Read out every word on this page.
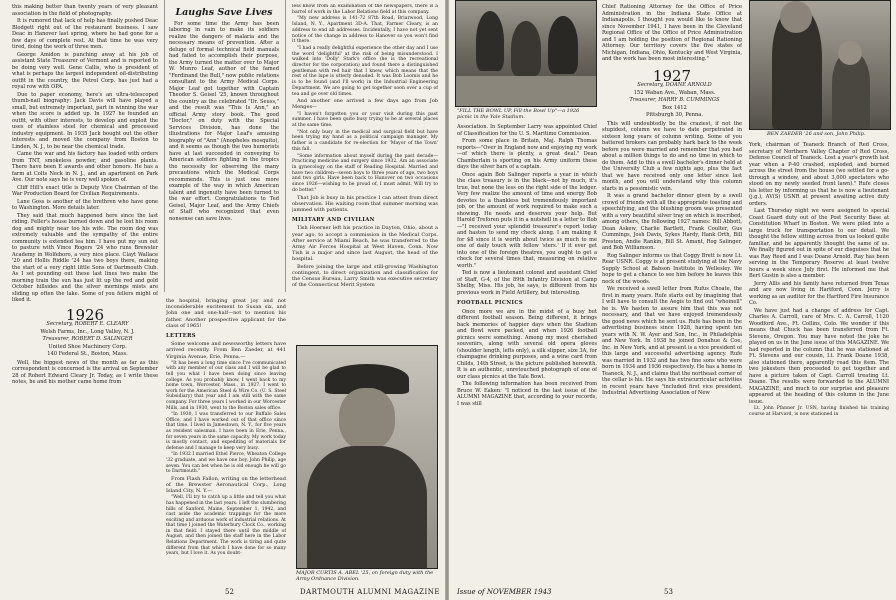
this making better than twenty years of very pleasant association in the field of photography.

It is rumored that lack of help has finally pushed Deac Blodgett right out of the restaurant business. I saw Deac in Hanover last spring, where he had gone for a few days of complete rest. At that time he was very tired, doing the work of three men.

George Amidon is punching away at his job of assistant State Treasurer of Vermont and is reported to be doing very well. Gene Callis, who is president of what is perhaps the largest independent oil-distributing outfit in the country, the Petrol Corp. has just had a royal row with OPA.

Due to paper economy, here's an ultra-telescoped thumb-nail biography: Jack Davis will have played a small, but extremely important, part in winning the war when the score is added up. In 1927 he founded an outfit, with other interests, to develop and exploit the uses of stainless steel for chemical and processed industry equipment. In 1935 Jack bought out the other interests and moved the company from Boston to Linden, N. J., to be near the chemical trade.

Came the war and his factory has loaded with orders from TNT, smokeless powder, and gasoline plants. There have been E awards and other honors. He has a farm at Colts Neck in N. J., and an apartment on Park Ave. Our note says he is very well spoken of.

Cliff Hill's exact title is Deputy Vice Chairman of the War Production Board for Civilian Requirements.

Lane Goss is another of the brethren who have gone to Washington. More details later.

They said that much happened here since the last riding. Feller's house burned down and he lost his room dog and mighty near too his wife. The room dog was extremely valuable and the sympathy of the entire community is extended tea him. I have put my sun out to pasture with Vince Rogers '24 who runs Brewster Academy in Wolfeboro, a very nice place. Clayt Wallace '20 and Hollis Riddle '24 has two boys there, making the start of a very right little Sons of Dartmouth Club. As I set pounding out these last lines two make the morning train the sun has just lit up the red and gold October hillsides and the silver mornings mists are sliding up often the lake. Some of you fellers might of liked it.

1926

Secretary, ROBERT E. CLEARY

Welsh Farms, Inc., Long Valley, N. J.

Treasurer, ROBERT D. SALINGER

United Shoe Machinery Corp.

140 Federal St., Boston, Mass.

Well, the biggest news of the month as far as this correspondent is concerned is the arrival on September 28 of Robert Edward Cleary Jr. Today, as I write these notes, he and his mother came home from

Laughs Save Lives

For some time the Army has been laboring in vain to make its soldiers realize the dangers of malaria and the necessary means of prevention. After a deluge of formal technical field manuals had failed to accomplish their purpose, the Army turned the matter over to Major W. Munro Leaf, author of the famed "Ferdinand the Bull," now public relations consultant to the Army Medical Corps. Major Leaf got together with Captain Theodor S. Geisel '25, known throughout the country as the celebrated "Dr. Seuss," and the result was "This Is Ann," an official Army story book. The good "Doctor," on duty with the Special Services Division, has done the illustrations for Major Leaf's amusing biography of "Ann" (Anopheles mosquito), and it seems as though the two humorists have at last succeeded in conveying to American soldiers fighting in the tropics the necessity for observing the many precautions which the Medical Corps recommends. This is just one more example of the way in which American talent and ingenuity have been turned to the war effort. Congratulations to Ted Geisel, Major Leaf, and the Army Chiefs of Staff who recognized that even nonsense can save lives.

the hospital, bringing great joy and not inconsiderable excitement to Susan six, and John one and one-half—not to mention his father. Another prospective applicant for the class of 1965!

LETTERS

Some welcome and newsworthy letters have arrived recently. From Ben Zaeder, at 441 Virginia Avenue, Erie, Penna.—

"It has been a long time since I've communicated with any member of our class and I will be glad to tell you what I have been doing since leaving college. As you probably know, I went back to my home town, Worcester, Mass., in 1927. I went to work for the American Steel & Wire Co. (U. S. Steel Subsidiary) that year and I am still with the same company. For three years I worked in our Worcester Mills, and in 1930, went to the Boston sales office.

"In 1930, I was transferred to our Buffalo Sales Office, and I have worked out of that office since that time. I lived in Jamestown, N. Y., for five years as resident salesman. I have been in Erie, Penna., for seven years in the same capacity. My work today is mostly contact, and expediting of materials for defense and I manage to keep very busy.

"In 1932 I married Ethel Pierce, Wheaton College '32 graduate, and we have one boy, John Philip, age seven. You can bet when he is old enough he will go to Dartmouth."

From Flash Fallon, writing on the letterhead of the Brewster Aeronautical Corp., Long Island City, N. Y.—

"Well, I'll try to catch up a little and tell you what has happened in the last years. I left the slumbering hills of Sanford, Maine, September 1, 1942, and cast aside the academic trappings for the more exciting and arduous work of industrial relations. At that time I joined the Waterbury Clock Co., working in that field. I stayed there until the middle of August, and then joined the staff here in the Labor Relations Department. The work is tiring and quite different from that which I have done for so many years, but I love it. As you doubt-

less know from an examination of the newspapers, there is a barrel of work in the Labor Relations field at this company.

"My new address is 141-72 87th Road, Briarwood, Long Island, N. Y., Apartment 3D-A. That, Farmer Cleary, is an address to end all addresses. Incidentally, I have not yet sent notice of the change in address to Hanover so you won't find it there.

"I had a really delightful experience the other day and I use the word 'delightful' at the risk of being misunderstood. I walked into 'Dolly' Stark's office (he is the recreational director for the corporation) and found there a distinguished gentleman with red hair that I knew, which means that the rest of the lupe is utterly denuded. It was Bob Loomis and he is to be found (and I'll work) in the Industrial Engineering Department. We are going to get together soon over a cup of tea and go over old times.

And another one arrived a few days ago from Job Menges—

"I haven't forgotten you or your visit during this past summer. I have been quite busy trying to be at several places at the same time.

"Not only busy in the medical and surgical field but have been trying my hand as a political campaign manager. My father is a candidate for re-election for 'Mayor of the Town' this fall.

"Some information about myself during the past decade—Practicing medicine and surgery since 1932. Am an associate in gynecology on the staff of Reading Hospital. Married and have two children—seven boys to three years of age, two boys and two girls. Have been back to Hanover on two occasions since 1926—wishing to be proud of, I must admit. Will try to do better."

That Job is busy in his practice I can attest from direct observation. His waiting room that summer morning was jammed with patients.

MILITARY AND CIVILIAN

Tish Hoerner left his practice in Dayton, Ohio, about a year ago, to accept a commission in the Medical Corps. After service at Miami Beach, he was transferred to the Army Air Forces Hospital at West Haven, Conn. Now Tish is a major and since last August, the head of the hospital.

Before joining the large and still-growing Washington contingent, to direct organization and classification for the Census Bureau, Larry Smith was executive secretary of the Connecticut Merit System

MAJOR CURTIS A. ABEL '25, on foreign duty with the Army Ordnance Division.
52	DARTMOUTH ALUMNI MAGAZINE
"FILL THE BOWL UP, Fill the Bowl Up"—a 1926 picnic in the Yale Stadium.

Association. In September Larry was appointed Chief of Classification for the U. S. Maritime Commission.

From some place in Britain, Maj. Ralph Thomas reports—"Over in England now and enjoying my work—of which there is plenty, a great deal." Dean Chamberlain is sporting on his Army uniform these days the silver bars of a captain.

Once again Bob Salinger reports a year in which the class treasury is in the black—not by much, it's true, but none the less on the right side of the ledger. Very few realize the amount of time and energy Bob devotes to a thankless but tremendously important job, or the amount of work required to make such a showing. He needs and deserves your help. But Harold Treforen puts it in a nutshell in a letter to Bob—"I received your splendid treasurer's report today and hasten to send my check along. I am making it for $8 since it is worth about twice as much to me one of daily touch with fellow 'sters.' If it ever get into one of the foreign theatres, you ought to get a check for several times that, measuring on relative worth."

Ted is now a lieutenant colonel and assistant Chief of Staff, G-4, of the 89th Infantry Division at Camp Shelby, Miss. His job, he says, is different from his previous work in Field Artillery, but interesting.

FOOTBALL PICNICS

Once more we are in the midst of a busy but different football season. Being different, it brings back memories of happier days when the Stadium and Bowl were packed, and when 1926 football picnics were something. Among my most cherished souvenirs, along with several old opera gloves (shoulder length, lefts only), a silk slipper, size 3A, for champagne drinking purposes, and a wine card from Childs, 14th Street, is the picture published herewith. It is an authentic, unretouched photograph of one of our class picnics at the Yale Bowl.

The following information has been received from Bruce W. Eaken: "I noticed in the last issue of the ALUMNI MAGAZINE that, according to your records, I was still

Chief Rationing Attorney for the Office of Price Administration in the Indiana State Office at Indianapolis. I thought you would like to know that since November 1941, I have been in the Cleveland Regional Office of the Office of Price Administration and I am holding the position of Regional Rationing Attorney. Our territory covers the five states of Michigan, Indiana, Ohio, Kentucky and West Virginia, and the work has been most interesting."

1927

Secretary, DOANE ARNOLD

152 Waban Ave., Waban, Mass.

Treasurer, HARRY B. CUMMINGS

Box 1412

Pittsburgh 30, Penna.

This will undoubtedly be the craziest, if not the stupidest, column we have to date perpetrated in sixteen long years of column writing. Some of you battered brokers can probably hark back to the week before you were married and remember that you had about a million things to do and no time in which to do them. Add to this a swell bachelor's dinner held at the University Club a few nights ago, plus the fact that we have received only one letter since last month, and you will understand why this column starts in a pessimistic vein.

It was a grand bachelor dinner given by a swell crowd of friends with all the appropriate toasting and speechifying, and the blushing groom was presented with a very beautiful silver tray on which is inscribed, among others, the following 1927 names: Bill Abbott, Dean Askew, Charlie Bartlett, Frank Coulter, Gus Cummings, Josh Davis, Sykes Hardy, Hank Orth, Bill Preston, Andie Rankin, Bill St. Amant, Rog Salinger, and Bob Williamson.

Rog Salinger informs us that Coggy Brett is now Lt. Rear USNR. Coggy is at present studying at the Navy Supply School at Babson Institute in Wellesley. We hope to get a chance to see him before he leaves this neck of the woods.

We received a swell letter from Rufus Choate, the first in many years. Rufe starts out by imagining that I will have to consult the Aegis to find out "whoinell" he is. We hasten to assure him that this was not necessary, and that we have enjoyed tremendously the good news which he sent us. Rufe has been in the advertising business since 1928, having spent ten years with N. W. Ayer and Son, Inc., in Philadelphia and New York. In 1938 he joined Donahue & Coe, Inc. in New York, and at present is a vice president of this large and successful advertising agency. Rufe was married in 1932 and has two fine sons who were born in 1934 and 1936 respectively. He has a home in Teaneck, N. J., and claims that the northeast corner of the cellar is his. He says his extracurricular activities in recent years have "included first vice president, Industrial Advertising Association of New

BEN ZAEDER '26 and son, John Philip.

York, chairman of Teaneck Branch of Red Cross, secretary of Northern Valley Chapter of Red Cross, Defense Council of Teaneck. Lost a year's growth last year when a P-40 crashed, exploded, and burned across the street from the house (we settled for a go-through a window, and about 3,000 spectators who stood on my newly seeded front lawn)." Rufe closes his letter by informing us that he is now a lieutenant (j.g.), AV(S) USNR at present awaiting active duty orders.

Last Thursday night we were assigned to special Coast Guard duty out of the Post Security Base at Constitution Wharf in Boston. We were piled into a large truck for transportation to our detail. We thought the fellow sitting across from us looked quite familiar, and he apparently thought the same of us. We finally figured out in spite of our disguises that he was Ray Reed and I was Doane Arnold. Ray has been serving in the Temporary Reserve at least twelve hours a week since July first. He informed me that Bert Gustin is also a member.

Jerry Allis and his family have returned from Texas and are now living in Hartford, Conn. Jerry is working as an auditor for the Hartford Fire Insurance Co.

We have just had a change of address for Capt. Charles A. Carroll, care of Mrs. C. A. Carroll, 1120 Woodford Ave., Ft. Collins, Colo. We wonder if this means that Chuck has been transferred from Ft. Stevens, Oregon. You may have noted the joke he played on us in the June issue of this MAGAZINE. We had reported in the column that he was stationed at Ft. Stevens and our cousin, Lt. Frank Doane 1938, also stationed there, apparently read this item. The two jokesters then proceeded to get together and have a picture taken of Capt. Carroll treating Lt. Doane. The results were forwarded to the ALUMNI MAGAZINE, and much to our surprise and pleasure appeared at the heading of this column in the June issue.

Lt. John Pfanner Jr. USN, having finished his training course at Harvard, is now stationed in

Issue of NOVEMBER 1943	53
